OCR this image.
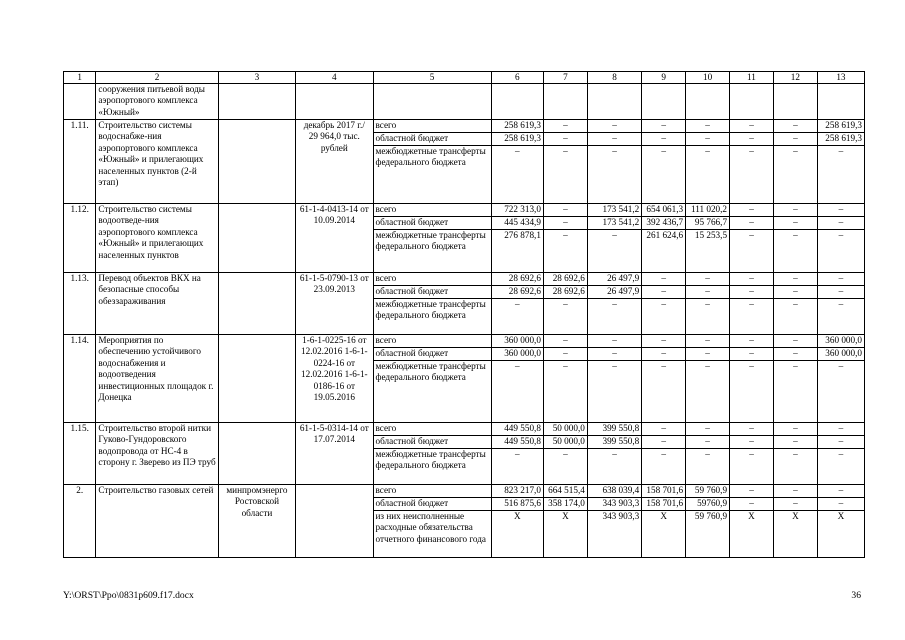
1	2	3	4	5	6	7	8	9	10	11	12	13
	сооружения питьевой воды аэропортового комплекса «Южный»											
1.11.	Строительство системы водоснабже-ния аэропортового комплекса «Южный» и прилегающих населенных пунктов (2-й этап)		декабрь 2017 г./ 29 964,0 тыс. рублей	всего	258 619,3	–	–	–	–	–	–	258 619,3
				областной бюджет	258 619,3	–	–	–	–	–	–	258 619,3
				межбюджетные трансферты федерального бюджета	–	–	–	–	–	–	–	–
1.12.	Строительство системы водоотведе-ния аэропортового комплекса «Южный» и прилегающих населенных пунктов		61-1-4-0413-14 от 10.09.2014	всего	722 313,0	–	173 541,2	654 061,3	111 020,2	–	–	–
				областной бюджет	445 434,9	–	173 541,2	392 436,7	95 766,7	–	–	–
				межбюджетные трансферты федерального бюджета	276 878,1	–	–	261 624,6	15 253,5	–	–	–
1.13.	Перевод объектов ВКХ на безопасные способы обеззараживания		61-1-5-0790-13 от 23.09.2013	всего	28 692,6	28 692,6	26 497,9	–	–	–	–	–
				областной бюджет	28 692,6	28 692,6	26 497,9	–	–	–	–	–
				межбюджетные трансферты федерального бюджета	–	–	–	–	–	–	–	–
1.14.	Мероприятия по обеспечению устойчивого водоснабжения и водоотведения инвестиционных площадок г. Донецка		1-6-1-0225-16 от 12.02.2016 1-6-1-0224-16 от 12.02.2016 1-6-1-0186-16 от 19.05.2016	всего	360 000,0	–	–	–	–	–	–	360 000,0
				областной бюджет	360 000,0	–	–	–	–	–	–	360 000,0
				межбюджетные трансферты федерального бюджета	–	–	–	–	–	–	–	–
1.15.	Строительство второй нитки Гуково-Гундоровского водопровода от НС-4 в сторону г. Зверево из ПЭ труб		61-1-5-0314-14 от 17.07.2014	всего	449 550,8	50 000,0	399 550,8	–	–	–	–	–
				областной бюджет	449 550,8	50 000,0	399 550,8	–	–	–	–	–
				межбюджетные трансферты федерального бюджета	–	–	–	–	–	–	–	–
2.	Строительство газовых сетей	минпромэнерго Ростовской области		всего	823 217,0	664 515,4	638 039,4	158 701,6	59 760,9	–	–	–
				областной бюджет	516 875,6	358 174,0	343 903,3	158 701,6	59760,9	–	–	–
				из них неисполненные расходные обязательства отчетного финансового года	Х	Х	343 903,3	Х	59 760,9	Х	Х	Х
Y:\ORST\Ppo\0831p609.f17.docx	36
